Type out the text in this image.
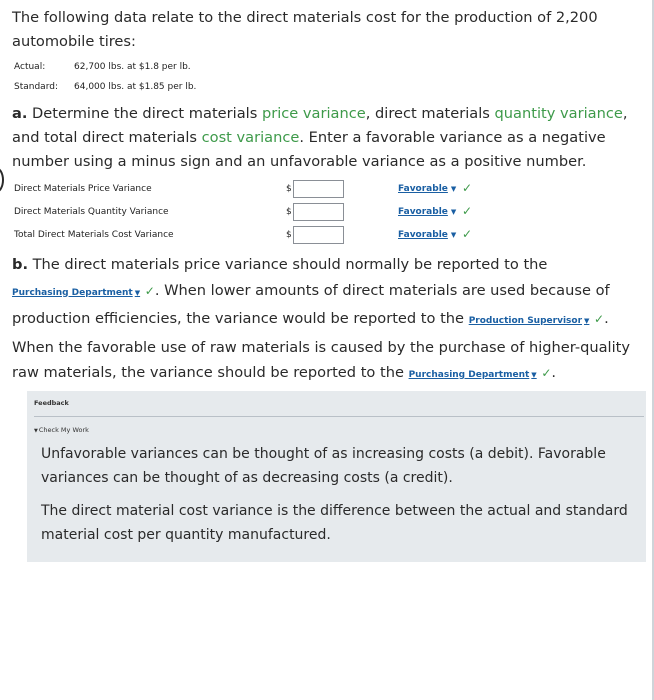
The following data relate to the direct materials cost for the production of 2,200 automobile tires:
Actual:	62,700 lbs. at $1.8 per lb.
Standard: 64,000 lbs. at $1.85 per lb.
a. Determine the direct materials price variance, direct materials quantity variance, and total direct materials cost variance. Enter a favorable variance as a negative number using a minus sign and an unfavorable variance as a positive number.
Direct Materials Price Variance	$	Favorable ▼ ✓
Direct Materials Quantity Variance	$	Favorable ▼ ✓
Total Direct Materials Cost Variance	$	Favorable ▼ ✓
b. The direct materials price variance should normally be reported to the
Purchasing Department ▼ ✓. When lower amounts of direct materials are used because of production efficiencies, the variance would be reported to the Production Supervisor ▼ ✓. When the favorable use of raw materials is caused by the purchase of higher-quality raw materials, the variance should be reported to the Purchasing Department ▼ ✓.
Feedback
▼Check My Work
Unfavorable variances can be thought of as increasing costs (a debit). Favorable variances can be thought of as decreasing costs (a credit).
The direct material cost variance is the difference between the actual and standard material cost per quantity manufactured.
